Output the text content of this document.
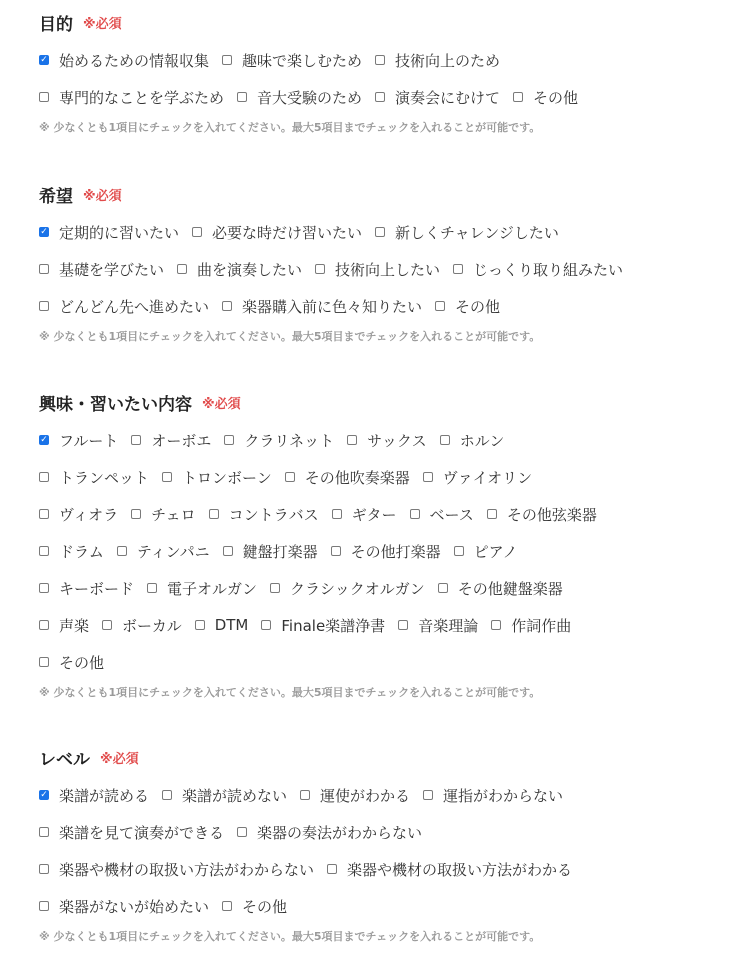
目的 ※必須
✓
始めるための情報収集 趣味で楽しむため 技術向上のため
専門的なことを学ぶため 音大受験のため 演奏会にむけて その他
※ 少なくとも1項目にチェックを入れてください。最大5項目までチェックを入れることが可能です。
希望 ※必須
✓
定期的に習いたい 必要な時だけ習いたい 新しくチャレンジしたい
基礎を学びたい 曲を演奏したい 技術向上したい じっくり取り組みたい
どんどん先へ進めたい 楽器購入前に色々知りたい その他
※ 少なくとも1項目にチェックを入れてください。最大5項目までチェックを入れることが可能です。
興味・習いたい内容 ※必須
✓
フルート オーボエ クラリネット サックス ホルン
トランペット トロンボーン その他吹奏楽器 ヴァイオリン
ヴィオラ チェロ コントラバス ギター ベース その他弦楽器
ドラム ティンパニ 鍵盤打楽器 その他打楽器 ピアノ
キーボード 電子オルガン クラシックオルガン その他鍵盤楽器
声楽 ボーカル DTM Finale楽譜浄書 音楽理論 作詞作曲
その他
※ 少なくとも1項目にチェックを入れてください。最大5項目までチェックを入れることが可能です。
レベル ※必須
✓
楽譜が読める 楽譜が読めない 運使がわかる 運指がわからない
楽譜を見て演奏ができる 楽器の奏法がわからない
楽器や機材の取扱い方法がわからない 楽器や機材の取扱い方法がわかる
楽器がないが始めたい その他
※ 少なくとも1項目にチェックを入れてください。最大5項目までチェックを入れることが可能です。
